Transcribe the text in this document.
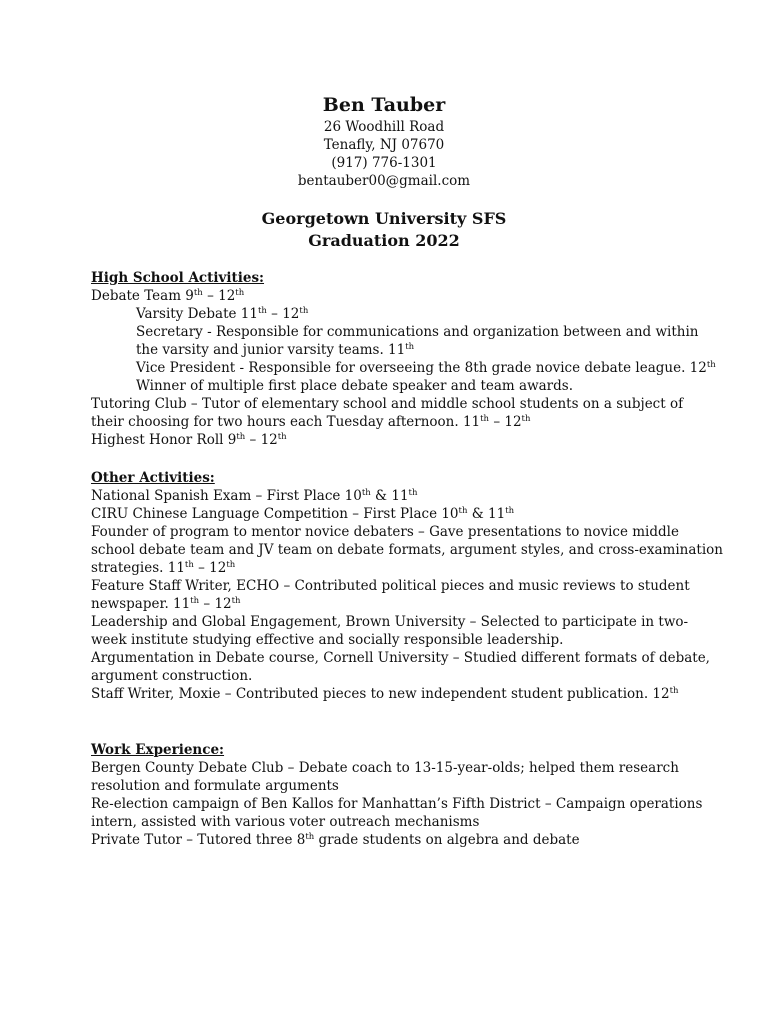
Ben Tauber
26 Woodhill Road
Tenafly, NJ 07670
(917) 776-1301
bentauber00@gmail.com
Georgetown University SFS
Graduation 2022
High School Activities:
Debate Team 9th – 12th
Varsity Debate 11th – 12th
Secretary - Responsible for communications and organization between and within
the varsity and junior varsity teams. 11th
Vice President - Responsible for overseeing the 8th grade novice debate league. 12th
Winner of multiple first place debate speaker and team awards.
Tutoring Club – Tutor of elementary school and middle school students on a subject of
their choosing for two hours each Tuesday afternoon. 11th – 12th
Highest Honor Roll 9th – 12th
Other Activities:
National Spanish Exam – First Place 10th & 11th
CIRU Chinese Language Competition – First Place 10th & 11th
Founder of program to mentor novice debaters – Gave presentations to novice middle
school debate team and JV team on debate formats, argument styles, and cross-examination
strategies. 11th – 12th
Feature Staff Writer, ECHO – Contributed political pieces and music reviews to student
newspaper. 11th – 12th
Leadership and Global Engagement, Brown University – Selected to participate in two-
week institute studying effective and socially responsible leadership.
Argumentation in Debate course, Cornell University – Studied different formats of debate,
argument construction.
Staff Writer, Moxie – Contributed pieces to new independent student publication. 12th
Work Experience:
Bergen County Debate Club – Debate coach to 13-15-year-olds; helped them research
resolution and formulate arguments
Re-election campaign of Ben Kallos for Manhattan’s Fifth District – Campaign operations
intern, assisted with various voter outreach mechanisms
Private Tutor – Tutored three 8th grade students on algebra and debate
